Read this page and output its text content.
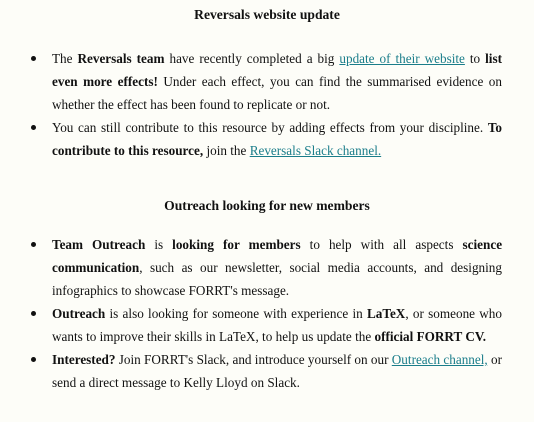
Reversals website update
The Reversals team have recently completed a big update of their website to list even more effects! Under each effect, you can find the summarised evidence on whether the effect has been found to replicate or not.
You can still contribute to this resource by adding effects from your discipline. To contribute to this resource, join the Reversals Slack channel.
Outreach looking for new members
Team Outreach is looking for members to help with all aspects science communication, such as our newsletter, social media accounts, and designing infographics to showcase FORRT's message.
Outreach is also looking for someone with experience in LaTeX, or someone who wants to improve their skills in LaTeX, to help us update the official FORRT CV.
Interested? Join FORRT's Slack, and introduce yourself on our Outreach channel, or send a direct message to Kelly Lloyd on Slack.
